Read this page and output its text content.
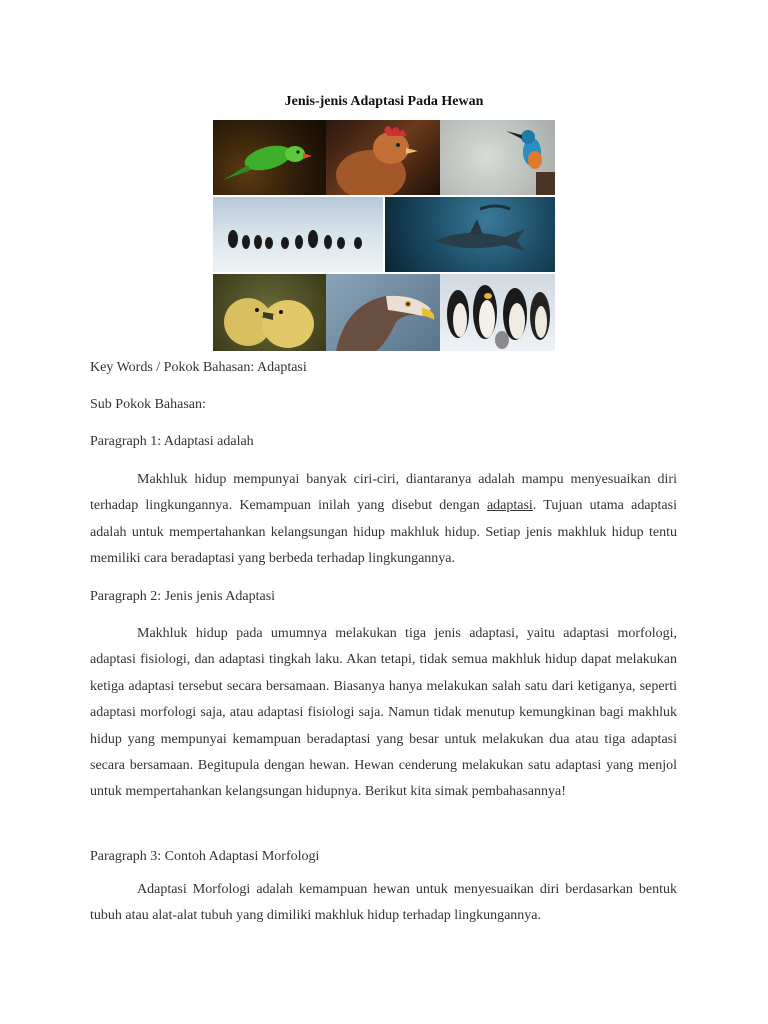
Jenis-jenis Adaptasi Pada Hewan
Key Words / Pokok Bahasan: Adaptasi
Sub Pokok Bahasan:
Paragraph 1: Adaptasi adalah

Makhluk hidup mempunyai banyak ciri-ciri, diantaranya adalah mampu menyesuaikan diri terhadap lingkungannya. Kemampuan inilah yang disebut dengan adaptasi. Tujuan utama adaptasi adalah untuk mempertahankan kelangsungan hidup makhluk hidup. Setiap jenis makhluk hidup tentu memiliki cara beradaptasi yang berbeda terhadap lingkungannya.

Paragraph 2: Jenis jenis Adaptasi

Makhluk hidup pada umumnya melakukan tiga jenis adaptasi, yaitu adaptasi morfologi, adaptasi fisiologi, dan adaptasi tingkah laku. Akan tetapi, tidak semua makhluk hidup dapat melakukan ketiga adaptasi tersebut secara bersamaan. Biasanya hanya melakukan salah satu dari ketiganya, seperti adaptasi morfologi saja, atau adaptasi fisiologi saja. Namun tidak menutup kemungkinan bagi makhluk hidup yang mempunyai kemampuan beradaptasi yang besar untuk melakukan dua atau tiga adaptasi secara bersamaan. Begitupula dengan hewan. Hewan cenderung melakukan satu adaptasi yang menjol untuk mempertahankan kelangsungan hidupnya. Berikut kita simak pembahasannya!

Paragraph 3: Contoh Adaptasi Morfologi

Adaptasi Morfologi adalah kemampuan hewan untuk menyesuaikan diri berdasarkan bentuk tubuh atau alat-alat tubuh yang dimiliki makhluk hidup terhadap lingkungannya.
